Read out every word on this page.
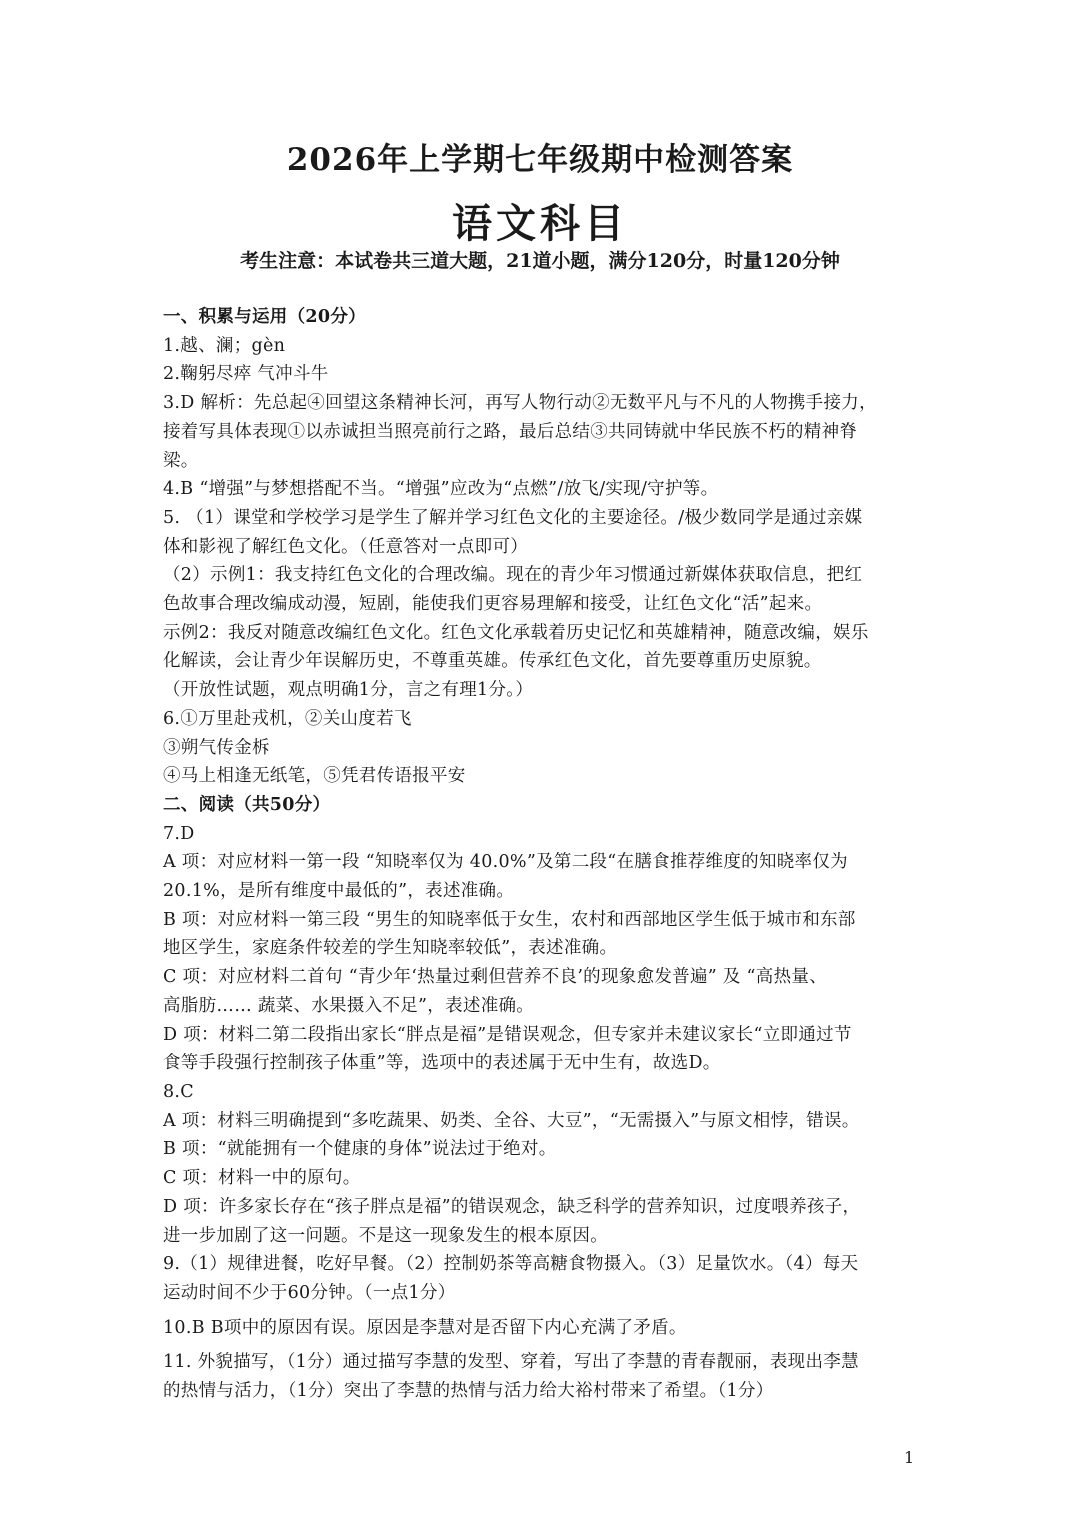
2026年上学期七年级期中检测答案
语文科目
考生注意：本试卷共三道大题，21道小题，满分120分，时量120分钟
一、积累与运用（20分）
1.越、澜；gèn
2.鞠躬尽瘁 气冲斗牛
3.D 解析：先总起④回望这条精神长河，再写人物行动②无数平凡与不凡的人物携手接力，
接着写具体表现①以赤诚担当照亮前行之路，最后总结③共同铸就中华民族不朽的精神脊
梁。
4.B “增强”与梦想搭配不当。“增强”应改为“点燃”/放飞/实现/守护等。
5. （1）课堂和学校学习是学生了解并学习红色文化的主要途径。/极少数同学是通过亲媒
体和影视了解红色文化。（任意答对一点即可）
（2）示例1：我支持红色文化的合理改编。现在的青少年习惯通过新媒体获取信息，把红
色故事合理改编成动漫，短剧，能使我们更容易理解和接受，让红色文化“活”起来。
示例2：我反对随意改编红色文化。红色文化承载着历史记忆和英雄精神，随意改编，娱乐
化解读，会让青少年误解历史，不尊重英雄。传承红色文化，首先要尊重历史原貌。
（开放性试题，观点明确1分，言之有理1分。）
6.①万里赴戎机，②关山度若飞
③朔气传金柝
④马上相逢无纸笔，⑤凭君传语报平安
二、阅读（共50分）
7.D
A 项：对应材料一第一段 “知晓率仅为 40.0%”及第二段“在膳食推荐维度的知晓率仅为
20.1%，是所有维度中最低的”，表述准确。
B 项：对应材料一第三段 “男生的知晓率低于女生，农村和西部地区学生低于城市和东部
地区学生，家庭条件较差的学生知晓率较低”，表述准确。
C 项：对应材料二首句 “青少年‘热量过剩但营养不良’的现象愈发普遍” 及 “高热量、
高脂肪…… 蔬菜、水果摄入不足”，表述准确。
D 项：材料二第二段指出家长“胖点是福”是错误观念，但专家并未建议家长“立即通过节
食等手段强行控制孩子体重”等，选项中的表述属于无中生有，故选D。
8.C
A 项：材料三明确提到“多吃蔬果、奶类、全谷、大豆”，“无需摄入”与原文相悖，错误。
B 项：“就能拥有一个健康的身体”说法过于绝对。
C 项：材料一中的原句。
D 项：许多家长存在“孩子胖点是福”的错误观念，缺乏科学的营养知识，过度喂养孩子，
进一步加剧了这一问题。不是这一现象发生的根本原因。
9.（1）规律进餐，吃好早餐。（2）控制奶茶等高糖食物摄入。（3）足量饮水。（4）每天
运动时间不少于60分钟。（一点1分）
10.B B项中的原因有误。原因是李慧对是否留下内心充满了矛盾。
11. 外貌描写，（1分）通过描写李慧的发型、穿着，写出了李慧的青春靓丽，表现出李慧
的热情与活力，（1分）突出了李慧的热情与活力给大裕村带来了希望。（1分）
1
